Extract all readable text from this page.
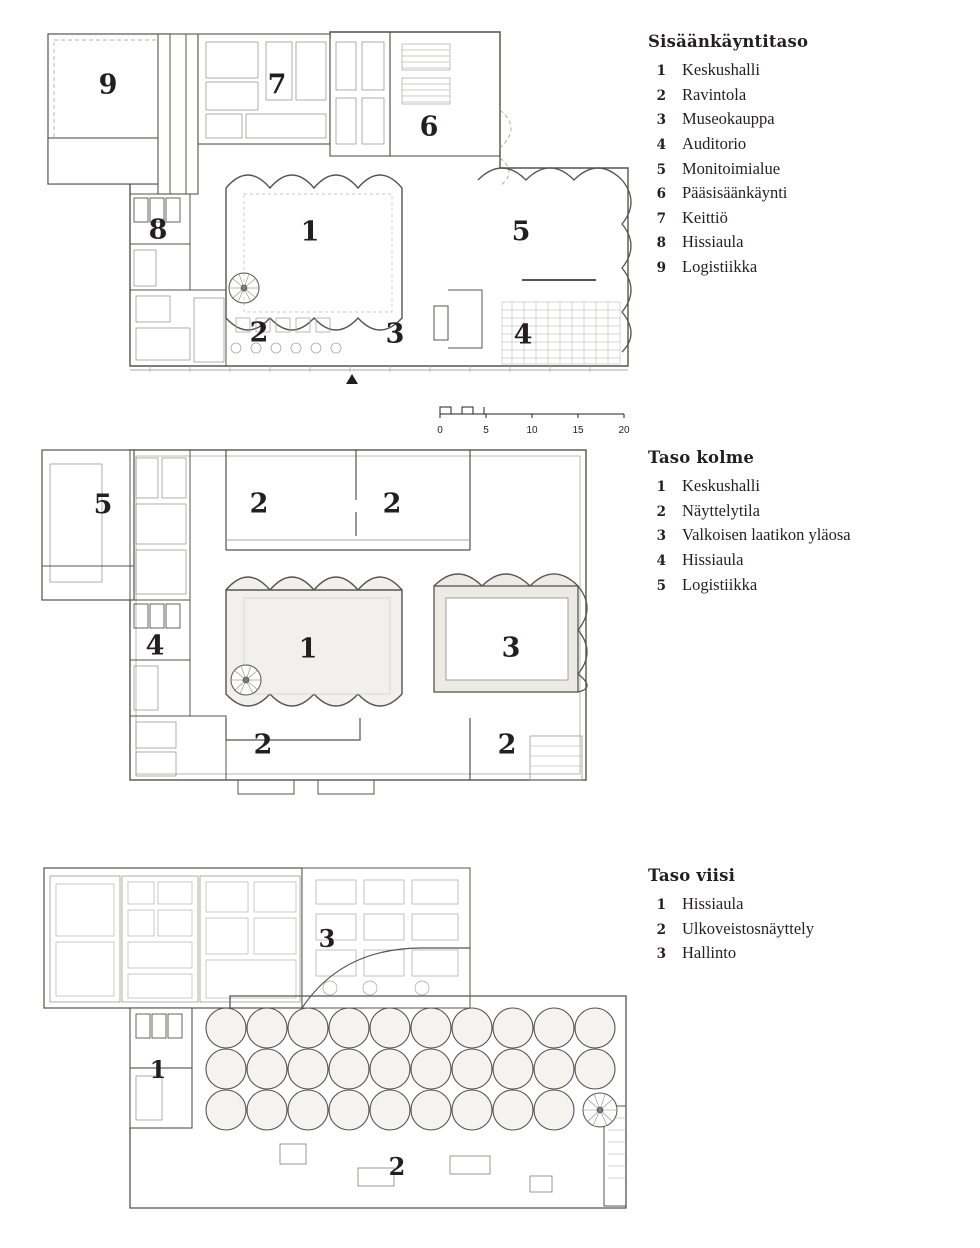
9	7
6
8	1	5
2	3	4
5	2	2
4	1	3
2	2
3
1
2
0	5	10	15	20
Sisäänkäyntitaso
1 Keskushalli
2 Ravintola
3 Museokauppa
4 Auditorio
5 Monitoimialue
6 Pääsisäänkäynti
7 Keittiö
8 Hissiaula
9 Logistiikka
Taso kolme
1 Keskushalli
2 Näyttelytila
3 Valkoisen laatikon yläosa
4 Hissiaula
5 Logistiikka
Taso viisi
1 Hissiaula
2 Ulkoveistosnäyttely
3 Hallinto
